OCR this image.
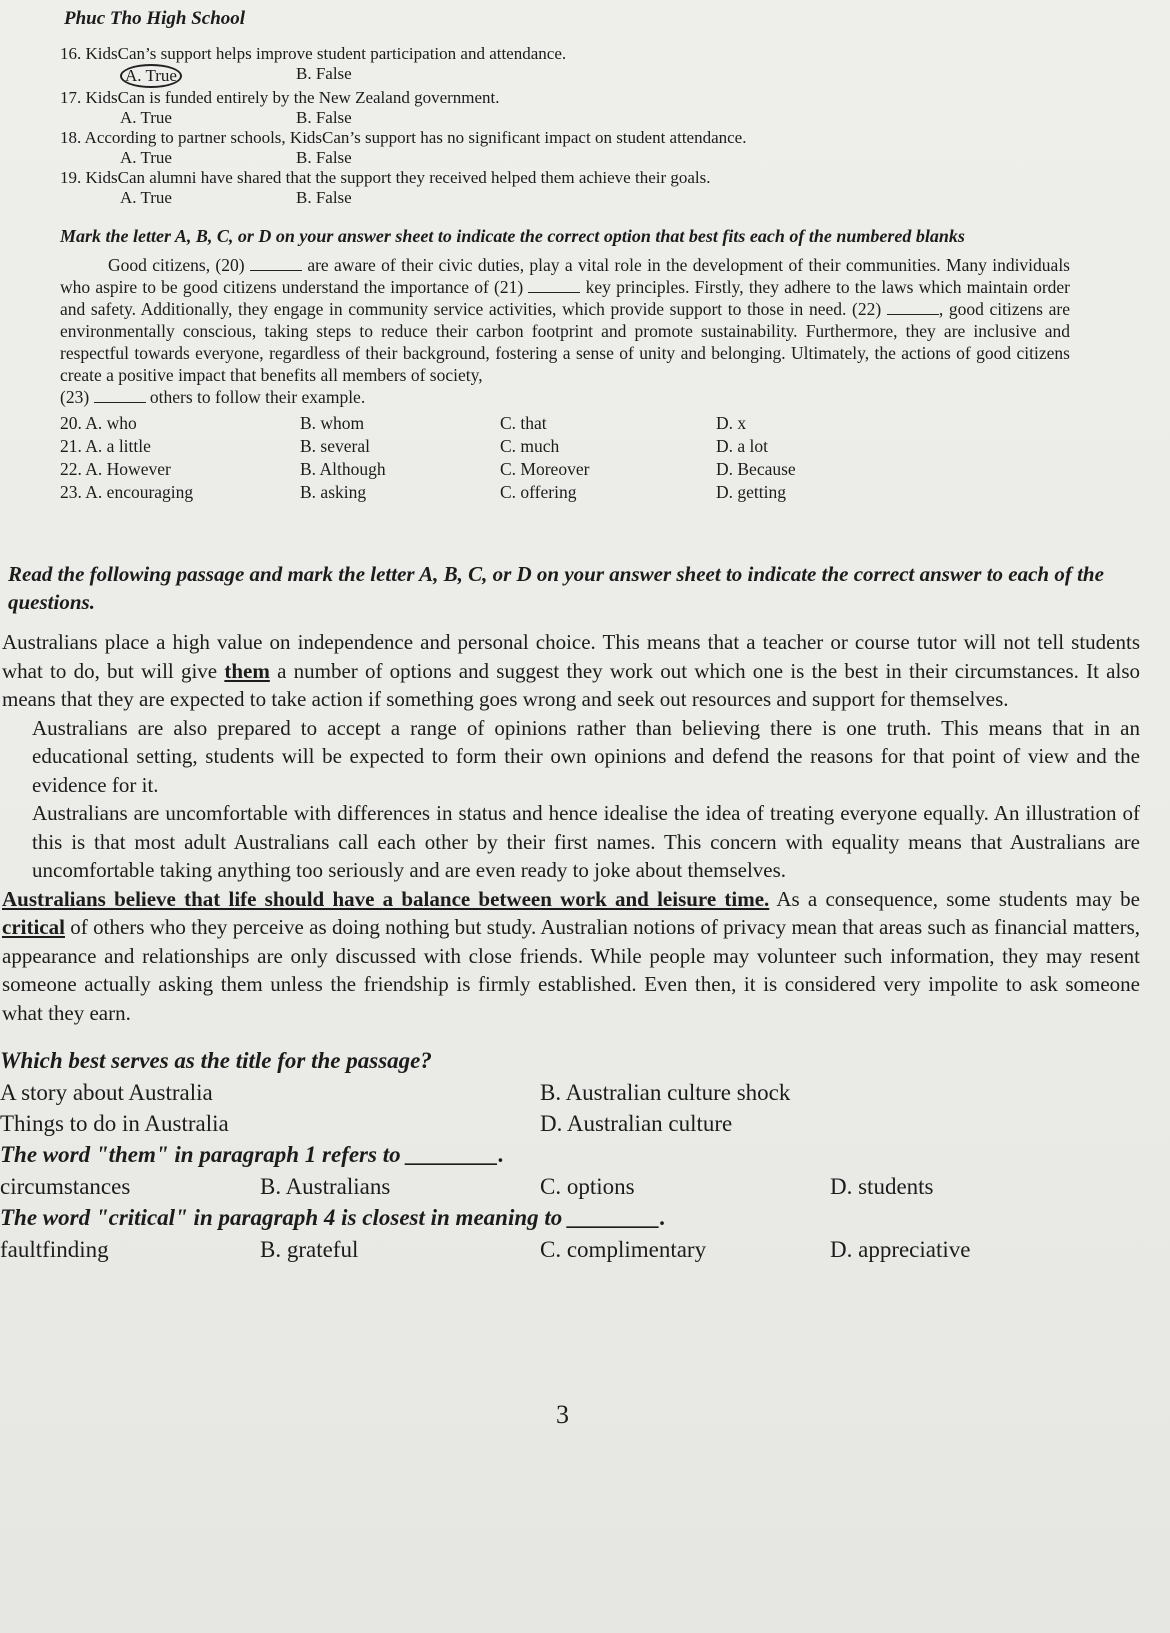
Phuc Tho High School

16. KidsCan’s support helps improve student participation and attendance.

A. True	B. False

17. KidsCan is funded entirely by the New Zealand government.

A. True	B. False

18. According to partner schools, KidsCan’s support has no significant impact on student attendance.

A. True	B. False

19. KidsCan alumni have shared that the support they received helped them achieve their goals.

A. True	B. False
Mark the letter A, B, C, or D on your answer sheet to indicate the correct option that best fits each of the numbered blanks
Good citizens, (20)	are aware of their civic duties, play a vital role in the development of their communities. Many individuals who aspire to be good citizens understand the importance of (21)	key principles. Firstly, they adhere to the laws which maintain order and safety. Additionally, they engage in community service activities, which provide support to those in need. (22)	, good citizens are environmentally conscious, taking steps to reduce their carbon footprint and promote sustainability. Furthermore, they are inclusive and respectful towards everyone, regardless of their background, fostering a sense of unity and belonging. Ultimately, the actions of good citizens create a positive impact that benefits all members of society,
(23)	others to follow their example.
20. A. who	B. whom	C. that	D. x
21. A. a little	B. several	C. much	D. a lot
22. A. However	B. Although	C. Moreover	D. Because
23. A. encouraging	B. asking	C. offering	D. getting
Read the following passage and mark the letter A, B, C, or D on your answer sheet to indicate the correct answer to each of the questions.

Australians place a high value on independence and personal choice. This means that a teacher or course tutor will not tell students what to do, but will give them a number of options and suggest they work out which one is the best in their circumstances. It also means that they are expected to take action if something goes wrong and seek out resources and support for themselves.

Australians are also prepared to accept a range of opinions rather than believing there is one truth. This means that in an educational setting, students will be expected to form their own opinions and defend the reasons for that point of view and the evidence for it.

Australians are uncomfortable with differences in status and hence idealise the idea of treating everyone equally. An illustration of this is that most adult Australians call each other by their first names. This concern with equality means that Australians are uncomfortable taking anything too seriously and are even ready to joke about themselves.

Australians believe that life should have a balance between work and leisure time. As a consequence, some students may be critical of others who they perceive as doing nothing but study. Australian notions of privacy mean that areas such as financial matters, appearance and relationships are only discussed with close friends. While people may volunteer such information, they may resent someone actually asking them unless the friendship is firmly established. Even then, it is considered very impolite to ask someone what they earn.

Which best serves as the title for the passage?
A story about Australia	B. Australian culture shock
Things to do in Australia	D. Australian culture
The word "them" in paragraph 1 refers to ________.
circumstances	B. Australians	C. options	D. students
The word "critical" in paragraph 4 is closest in meaning to ________.
faultfinding	B. grateful	C. complimentary	D. appreciative
3
